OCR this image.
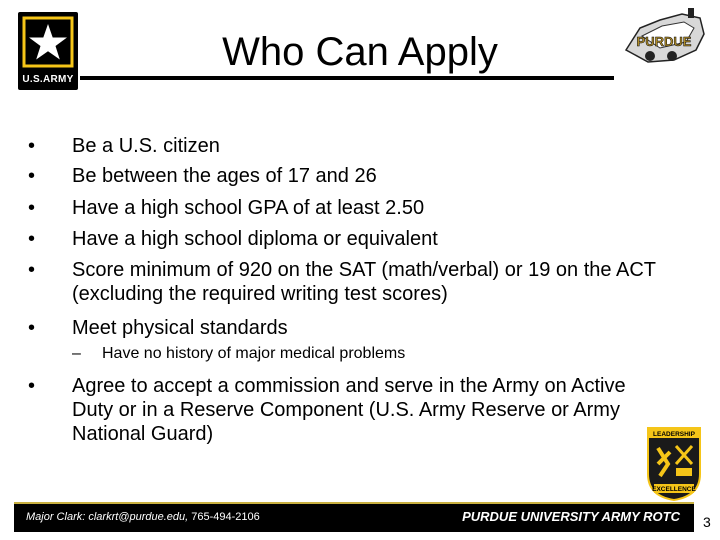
U.S.ARMY
Who Can Apply	PURDUE
•	Be a U.S. citizen
•	Be between the ages of 17 and 26
•	Have a high school GPA of at least 2.50
•	Have a high school diploma or equivalent
•	Score minimum of 920 on the SAT (math/verbal) or 19 on the ACT (excluding the required writing test scores)
•	Meet physical standards
–	Have no history of major medical problems
•	Agree to accept a commission and serve in the Army on Active Duty or in a Reserve Component (U.S. Army Reserve or Army National Guard)	LEADERSHIP
EXCELLENCE
Major Clark: clarkrt@purdue.edu, 765-494-2106	PURDUE UNIVERSITY ARMY ROTC 3
